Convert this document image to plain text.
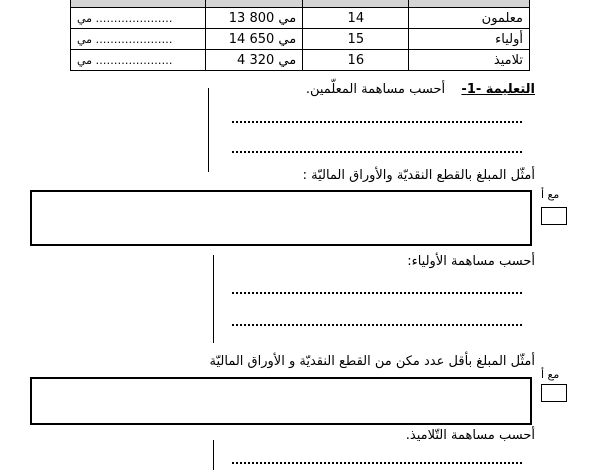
معلمون	14	مي 13 800	………………… مي
أولياء	15	مي 14 650	………………… مي
تلاميذ	16	مي 4 320	………………… مي
التعليمة -1-  أحسب مساهمة المعلّمين.
أمثّل المبلغ بالقطع النقديّة والأوراق الماليّة :
مع أ
أحسب مساهمة الأولياء:
أمثّل المبلغ بأقل عدد مكن من القطع النقديّة و الأوراق الماليّة
مع أ
أحسب مساهمة التّلاميذ.
